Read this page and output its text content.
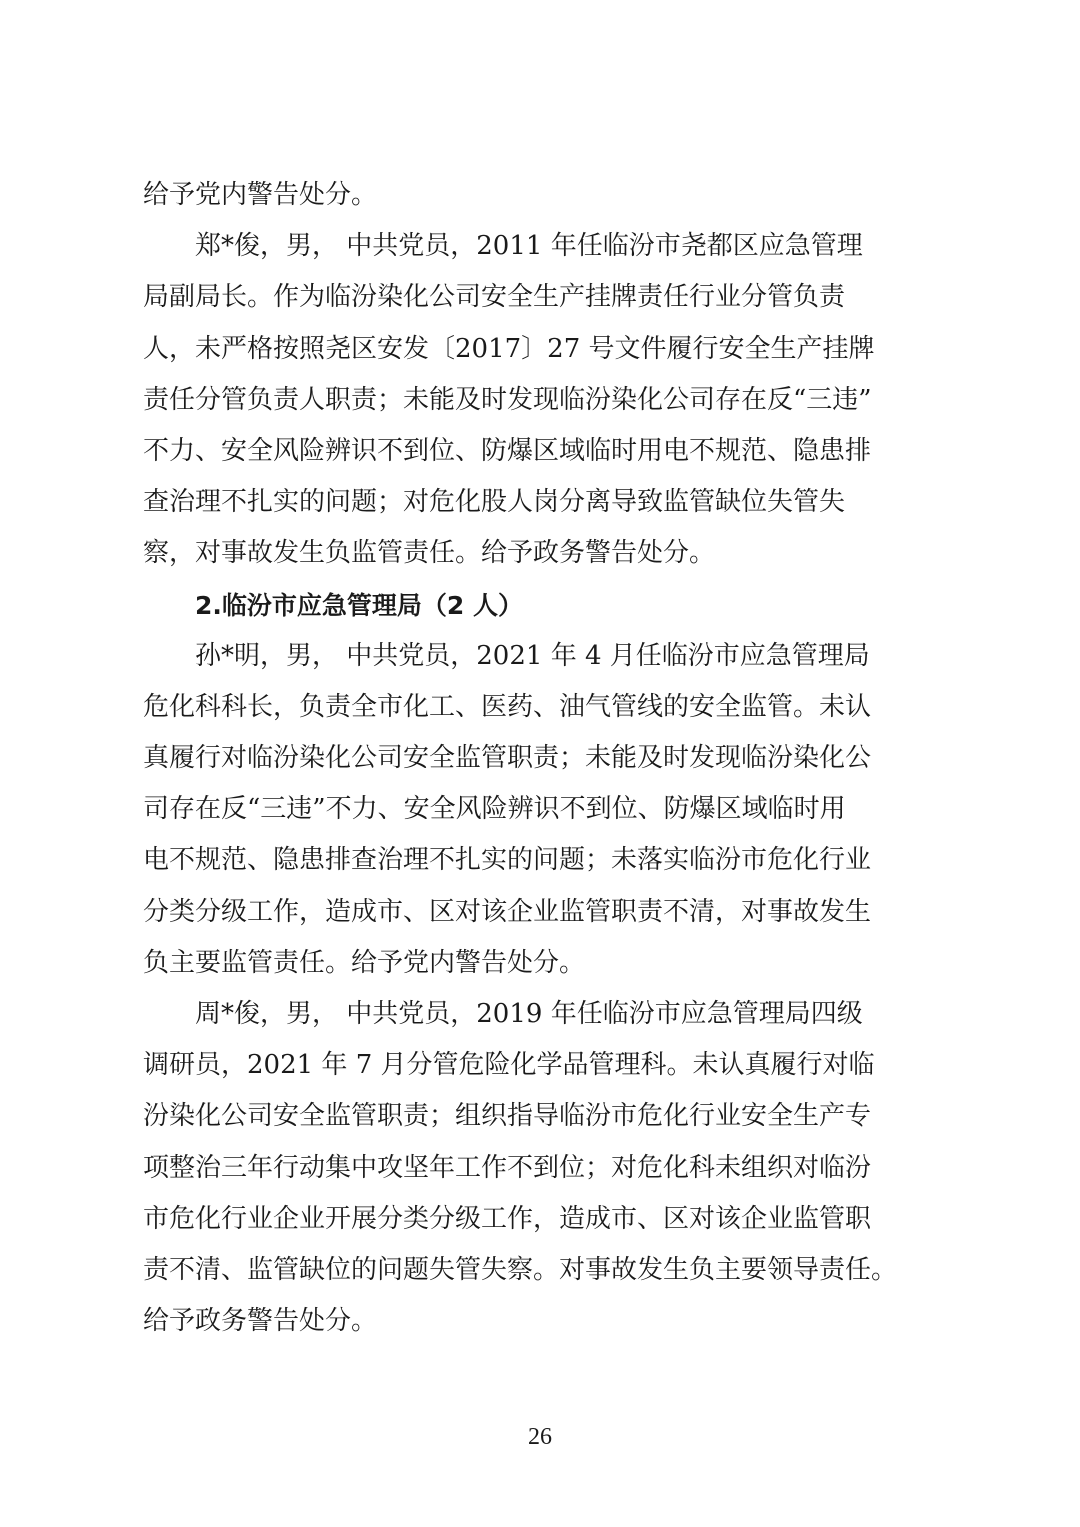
给予党内警告处分。
郑*俊，男， 中共党员，2011 年任临汾市尧都区应急管理
局副局长。作为临汾染化公司安全生产挂牌责任行业分管负责
人，未严格按照尧区安发〔2017〕27 号文件履行安全生产挂牌
责任分管负责人职责；未能及时发现临汾染化公司存在反“三违”
不力、安全风险辨识不到位、防爆区域临时用电不规范、隐患排
查治理不扎实的问题；对危化股人岗分离导致监管缺位失管失
察，对事故发生负监管责任。给予政务警告处分。
2.临汾市应急管理局（2 人）
孙*明，男， 中共党员，2021 年 4 月任临汾市应急管理局
危化科科长，负责全市化工、医药、油气管线的安全监管。未认
真履行对临汾染化公司安全监管职责；未能及时发现临汾染化公
司存在反“三违”不力、安全风险辨识不到位、防爆区域临时用
电不规范、隐患排查治理不扎实的问题；未落实临汾市危化行业
分类分级工作，造成市、区对该企业监管职责不清，对事故发生
负主要监管责任。给予党内警告处分。
周*俊，男， 中共党员，2019 年任临汾市应急管理局四级
调研员，2021 年 7 月分管危险化学品管理科。未认真履行对临
汾染化公司安全监管职责；组织指导临汾市危化行业安全生产专
项整治三年行动集中攻坚年工作不到位；对危化科未组织对临汾
市危化行业企业开展分类分级工作，造成市、区对该企业监管职
责不清、监管缺位的问题失管失察。对事故发生负主要领导责任。
给予政务警告处分。
26
